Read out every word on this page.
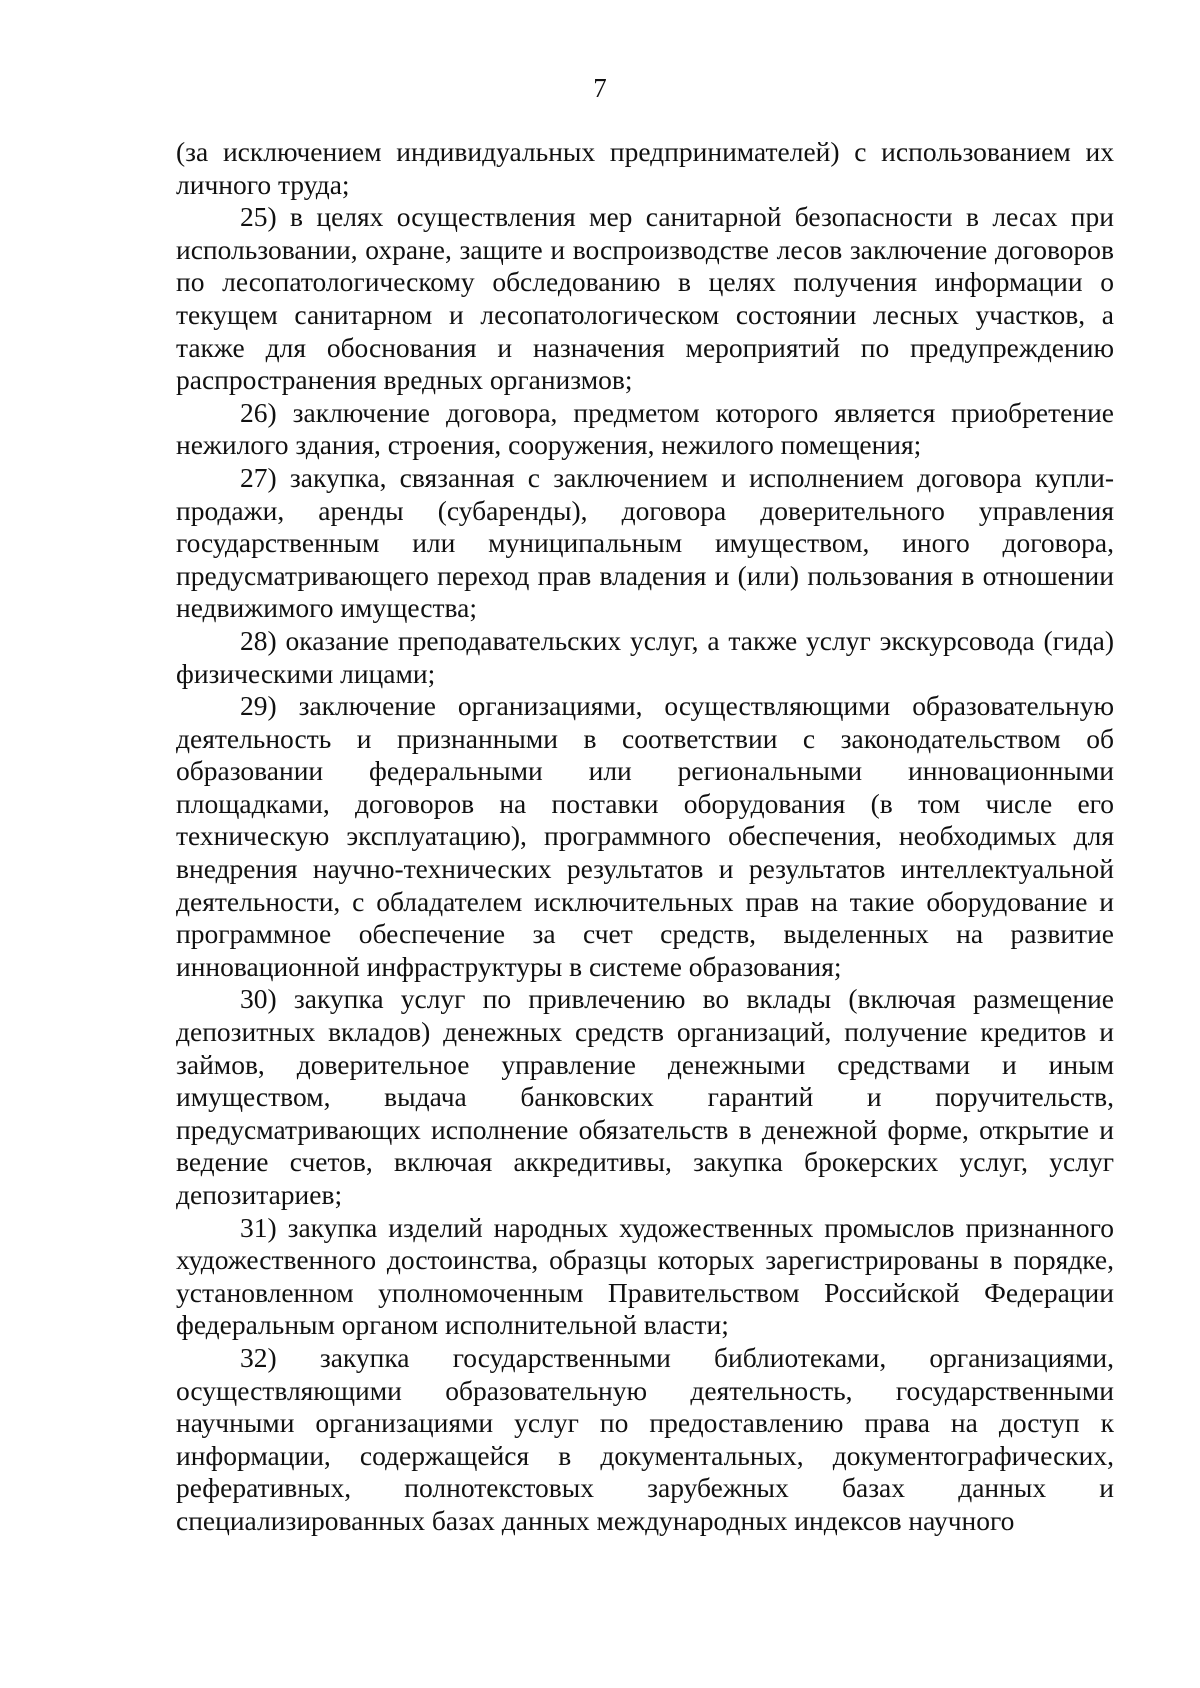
7

(за исключением индивидуальных предпринимателей) с использованием их личного труда;

25) в целях осуществления мер санитарной безопасности в лесах при использовании, охране, защите и воспроизводстве лесов заключение договоров по лесопатологическому обследованию в целях получения информации о текущем санитарном и лесопатологическом состоянии лесных участков, а также для обоснования и назначения мероприятий по предупреждению распространения вредных организмов;

26) заключение договора, предметом которого является приобретение нежилого здания, строения, сооружения, нежилого помещения;

27) закупка, связанная с заключением и исполнением договора купли-продажи, аренды (субаренды), договора доверительного управления государственным или муниципальным имуществом, иного договора, предусматривающего переход прав владения и (или) пользования в отношении недвижимого имущества;

28) оказание преподавательских услуг, а также услуг экскурсовода (гида) физическими лицами;

29) заключение организациями, осуществляющими образовательную деятельность и признанными в соответствии с законодательством об образовании федеральными или региональными инновационными площадками, договоров на поставки оборудования (в том числе его техническую эксплуатацию), программного обеспечения, необходимых для внедрения научно-технических результатов и результатов интеллектуальной деятельности, с обладателем исключительных прав на такие оборудование и программное обеспечение за счет средств, выделенных на развитие инновационной инфраструктуры в системе образования;

30) закупка услуг по привлечению во вклады (включая размещение депозитных вкладов) денежных средств организаций, получение кредитов и займов, доверительное управление денежными средствами и иным имуществом, выдача банковских гарантий и поручительств, предусматривающих исполнение обязательств в денежной форме, открытие и ведение счетов, включая аккредитивы, закупка брокерских услуг, услуг депозитариев;

31) закупка изделий народных художественных промыслов признанного художественного достоинства, образцы которых зарегистрированы в порядке, установленном уполномоченным Правительством Российской Федерации федеральным органом исполнительной власти;

32) закупка государственными библиотеками, организациями, осуществляющими образовательную деятельность, государственными научными организациями услуг по предоставлению права на доступ к информации, содержащейся в документальных, документографических, реферативных, полнотекстовых зарубежных базах данных и специализированных базах данных международных индексов научного
